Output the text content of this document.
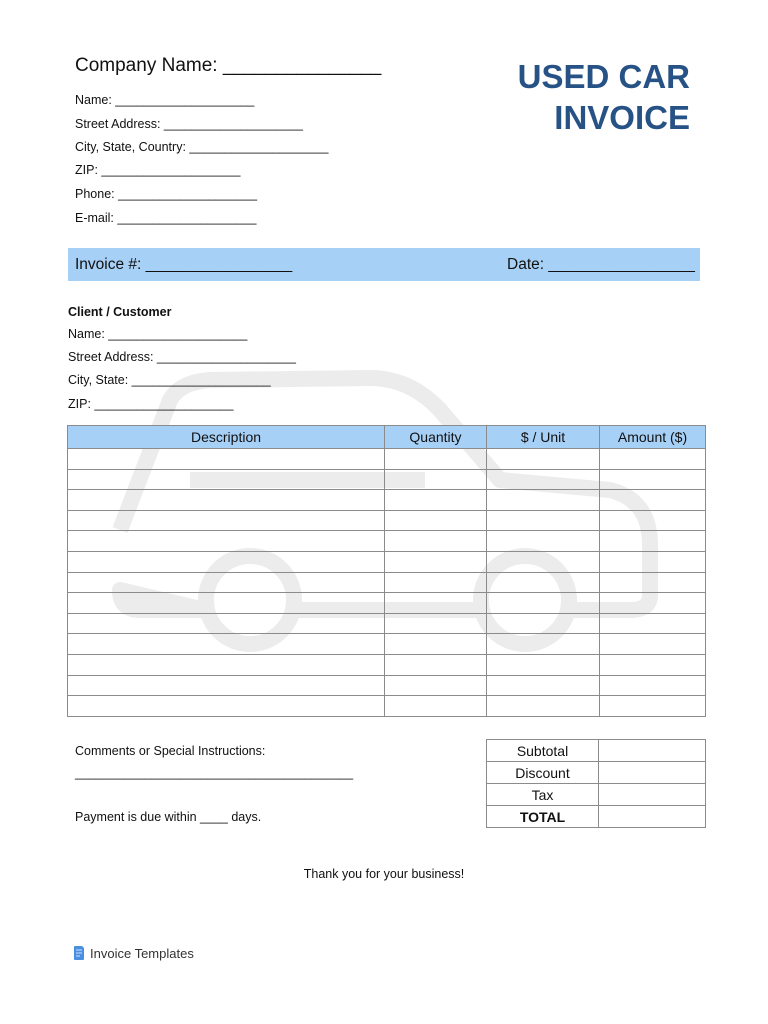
Company Name: _______________	USED CAR
INVOICE
Name: ____________________
Street Address: ____________________
City, State, Country: ____________________
ZIP: ____________________
Phone: ____________________
E-mail: ____________________
Invoice #: _________________	Date: _________________
Client / Customer
Name: ____________________
Street Address: ____________________
City, State: ____________________
ZIP: ____________________
Description	Quantity	$ / Unit	Amount ($)

Comments or Special Instructions:
________________________________________
Payment is due within ____ days.
Subtotal	
Discount	
Tax	
TOTAL	
Thank you for your business!
Invoice Templates
